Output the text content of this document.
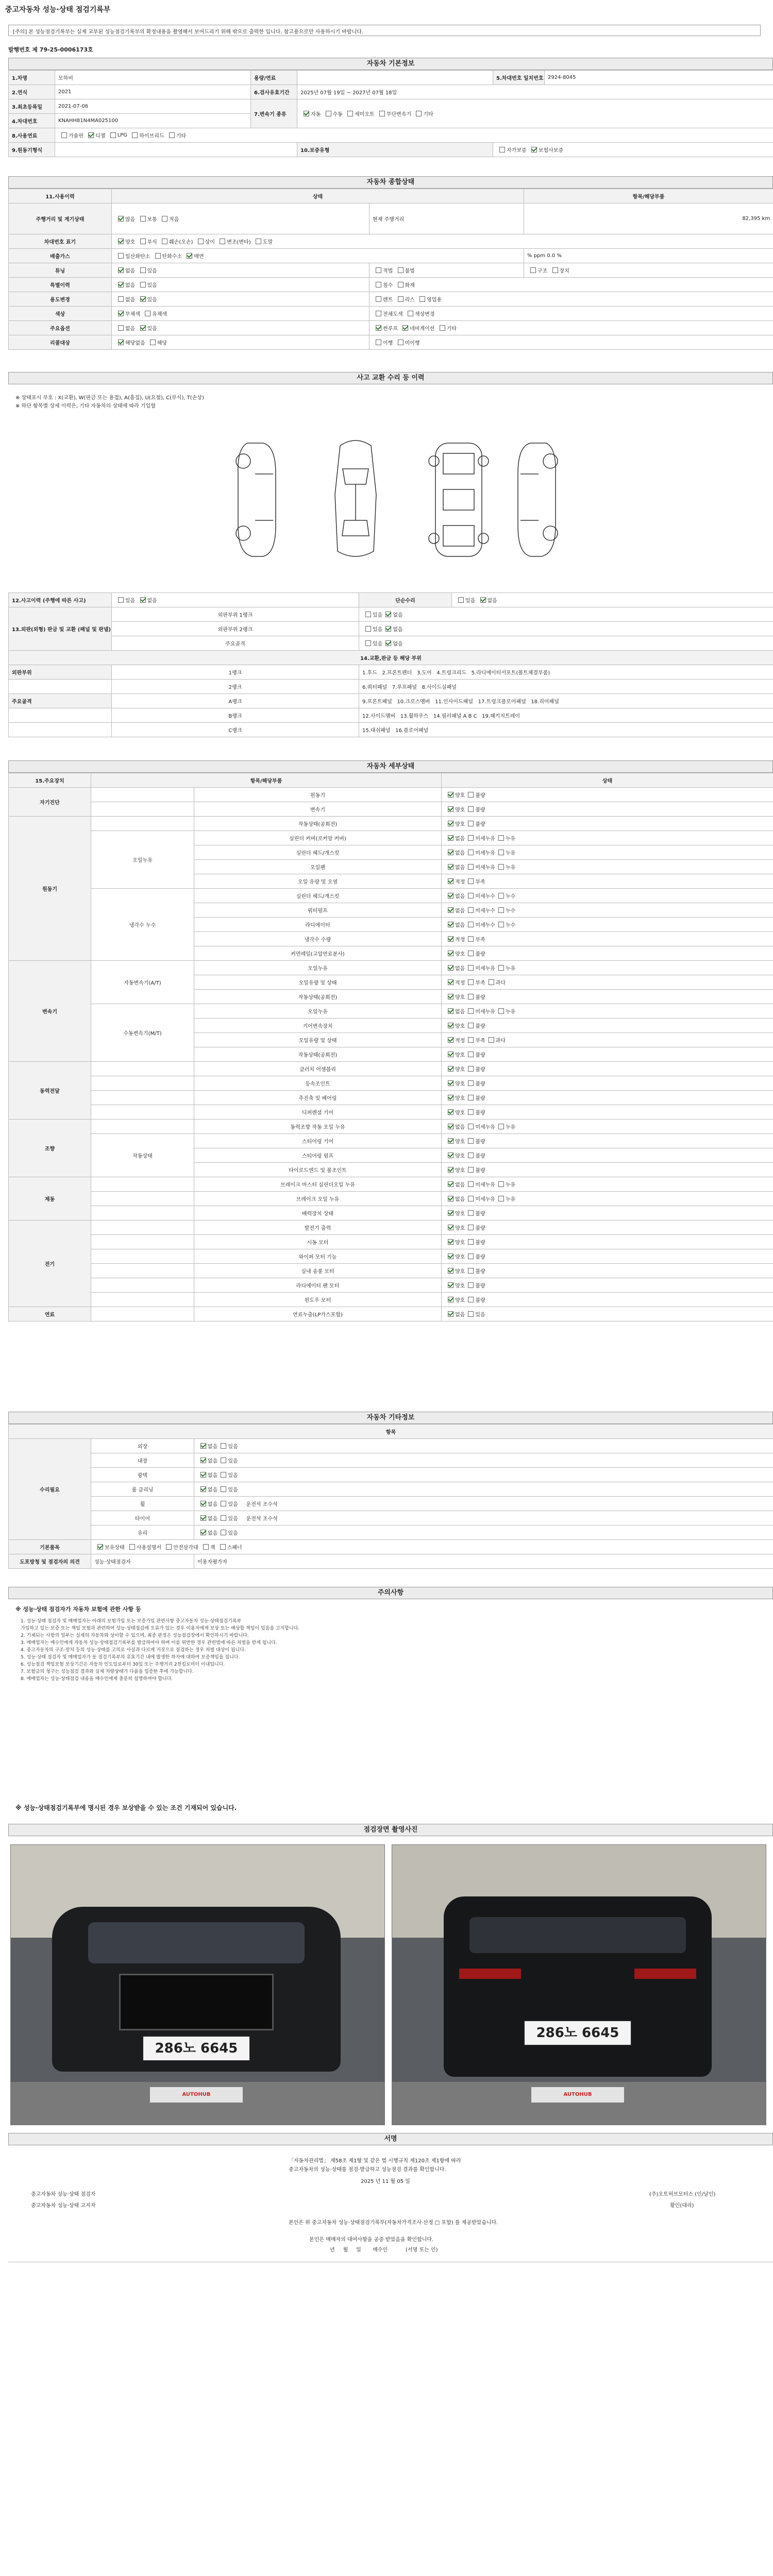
중고자동차 성능·상태 점검기록부
[주의] 본 성능점검기록부는 실제 교부된 성능점검기록부의 확정내용을 촬영해서 보여드리기 위해 밖으로 출력한 입니다. 참고용으로만 사용하시기 바랍니다.
발행번호 제 79-25-0006173호
자동차 기본정보
1.차명	모하비	용량/연료		5.차대번호 일치번호	2924-8045
2.연식	2021	6.검사유효기간	2025년 07월 19일 ~ 2027년 07월 18일		
3.최초등록일	2021-07-06	7.변속기 종류	자동 수동 세미오토 무단변속기 기타		
4.차대번호	KNAHH81N4MA025100				
8.사용연료	가솔린 디젤 LPG 하이브리드 기타				
9.원동기형식			10.보증유형	자가보증 보험사보증	
자동차 종합상태
11.사용이력	상태		항목/해당부품
주행거리 및 계기상태	많음 보통 적음	현재 주행거리	82,395 km
차대번호 표기	양호 부식 훼손(오손) 상이 변조(변타) 도말		
배출가스	일산화탄소 탄화수소 매연		% ppm 0.0 %
튜닝	없음 있음	적법 불법	구조 장치
특별이력	없음 있음	침수 화재	
용도변경	없음 있음	렌트 리스 영업용	
색상	무채색 유채색	전체도색 색상변경	
주요옵션	없음 있음	썬루프 네비게이션 기타	
리콜대상	해당없음 해당	이행 미이행	
사고 교환 수리 등 이력
※ 상태표시 부호 : X(교환), W(판금 또는 용접), A(흠집), U(요철), C(부식), T(손상)
※ 하단 항목별 상세 이력은, 기타 자동차의 상태에 따라 기입함
12.사고이력 (주행에 따른 사고)	있음 없음	단순수리	있음 없음
13.외판(외형) 판금 및 교환 (패널 및 판넬)	외판부위 1랭크	있음 없음	
	외판부위 2랭크	있음 없음	
	주요골격	있음 없음	
14.교환,판금 등 해당 부위			
외판부위	1랭크	1.후드 2.프론트펜더 3.도어 4.트렁크리드 5.라디에이터서포트(볼트체결부품)	
	2랭크	6.쿼터패널 7.루프패널 8.사이드실패널	
주요골격	A랭크	9.프론트패널 10.크로스멤버 11.인사이드패널 17.트렁크플로어패널 18.리어패널	
	B랭크	12.사이드멤버 13.휠하우스 14.필러패널 A B C 19.패키지트레이	
	C랭크	15.대쉬패널 16.플로어패널	
자동차 세부상태
15.주요장치	항목/해당부품		상태
자기진단		원동기	양호 불량
		변속기	양호 불량
원동기		작동상태(공회전)	양호 불량
	오일누유	실린더 커버(로커암 커버)	없음 미세누유 누유
		실린더 헤드/개스킷	없음 미세누유 누유
		오일팬	없음 미세누유 누유
		오일 유량 및 오염	적정 부족
	냉각수 누수	실린더 헤드/개스킷	없음 미세누수 누수
		워터펌프	없음 미세누수 누수
		라디에이터	없음 미세누수 누수
		냉각수 수량	적정 부족
		커먼레일(고압연료분사)	양호 불량
변속기	자동변속기(A/T)	오일누유	없음 미세누유 누유
		오일유량 및 상태	적정 부족 과다
		작동상태(공회전)	양호 불량
	수동변속기(M/T)	오일누유	없음 미세누유 누유
		기어변속장치	양호 불량
		오일유량 및 상태	적정 부족 과다
		작동상태(공회전)	양호 불량
동력전달		클러치 어셈블리	양호 불량
		등속조인트	양호 불량
		추진축 및 베어링	양호 불량
		디퍼렌셜 기어	양호 불량
조향		동력조향 작동 오일 누유	없음 미세누유 누유
	작동상태	스티어링 기어	양호 불량
		스티어링 펌프	양호 불량
		타이로드엔드 및 볼조인트	양호 불량
제동		브레이크 마스터 실린더오일 누유	없음 미세누유 누유
		브레이크 오일 누유	없음 미세누유 누유
		배력장치 상태	양호 불량
전기		발전기 출력	양호 불량
		시동 모터	양호 불량
		와이퍼 모터 기능	양호 불량
		실내 송풍 모터	양호 불량
		라디에이터 팬 모터	양호 불량
		윈도우 모터	양호 불량
연료		연료누출(LP가스포함)	없음 있음
자동차 기타정보
항목		
수리필요	외장	없음 있음
	내장	없음 있음
	광택	없음 있음
	룸 클리닝	없음 있음
	휠	없음 있음 운전석 조수석
	타이어	없음 있음 운전석 조수석
	유리	없음 있음
기본품목	보유상태 사용설명서 안전삼각대 잭 스패너	
도포방청 및 점검자의 의견	성능·상태점검자	이용자평가자
주의사항
※ 성능·상태 점검자가 자동차 보험에 관한 사항 등
1. 성능·상태 점검자 및 매매업자는 아래의 보험가입 또는 보증가입 관련사항 중고자동차 성능·상태점검기록부
가입하고 있는 보증 또는 책임 보험과 관련하여 성능·상태점검에 오류가 있는 경우 이용자에게 보상 또는 배상할 책임이 있음을 고지합니다.
2. 기재되는 사항의 일부는 실제의 자동차와 상이할 수 있으며, 최종 판정은 성능점검장에서 확인하시기 바랍니다.
3. 매매업자는 매수인에게 자동차 성능·상태점검기록부를 발급하여야 하며 이를 위반한 경우 관련법에 따른 처벌을 받게 됩니다.
4. 중고자동차의 구조·장치 등의 성능·상태를 고의로 사실과 다르게 거짓으로 점검하는 경우 처벌 대상이 됩니다.
5. 성능·상태 점검자 및 매매업자가 동 점검기록부의 유효기간 내에 발생한 하자에 대하여 보증책임을 집니다.
6. 성능점검 책임보험 보상기간은 자동차 인도일로부터 30일 또는 주행거리 2천킬로미터 이내입니다.
7. 보험금의 청구는 성능점검 결과와 실제 차량상태가 다름을 입증한 후에 가능합니다.
8. 매매업자는 성능·상태점검 내용을 매수인에게 충분히 설명하여야 합니다.
※ 성능·상태점검기록부에 명시된 경우 보상받을 수 있는 조건 기재되어 있습니다.
점검장면 촬영사진
286노 6645
AUTOHUB
286노 6645
AUTOHUB
서명
「자동차관리법」 제58조 제1항 및 같은 법 시행규칙 제120조 제1항에 따라
중고자동차의 성능·상태를 점검·발급하고 성능점검 결과를 확인합니다.
2025 년 11 월 05 일
중고자동차 성능·상태 점검자	(주)오토허브모터스 (인/날인)
중고자동차 성능·상태 고지자	황인(대리)
본인은 위 중고자동차 성능·상태점검기록부(자동차가격조사·산정 □ 포함) 를 제공받았습니다.
본인은 매매자의 대여사항을 공증 받았음을 확인합니다.
년 월 일 매수인	(서명 또는 인)
